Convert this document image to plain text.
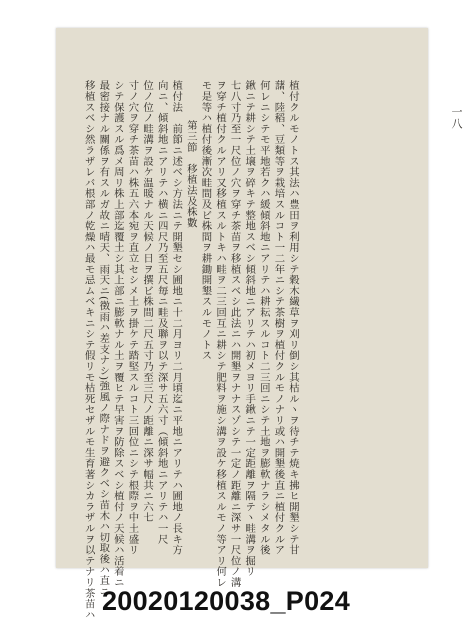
一八
植付クルモノトス其法ハ豊田ヲ利用シテ穀木繊草ヲ刈リ倒シ其枯ルヽヲ待チテ焼キ拂ヒ開墾シテ甘
藷、陸稻、豆類等ヲ栽培スルコト一二年ニシテ茶樹ヲ植付クルモノナリ或ハ開墾後直ニ植付クルア
何レニシテモ平地若クハ緩傾斜地ニアリテハ耕耘スルコト二三回ニシテ土地ヲ膨軟ナラシメタル後
鍬ニテ耕シテ土壌ヲ碎キテ整地スベシ傾斜地ニアリテハ初メヨリ手鍬ニテ一定距離ヲ隔テヽ畦溝ヲ掘リ
七八寸乃至一尺位ノ穴ヲ穿チ茶苗ヲ移植スベシ此法ニハ開墾ヲナナスゾシテ一定ノ距離ニ深サ一尺位ノ溝
ヲ穿チ植付クルアリ又移植スルトキハ畦ヲ二三回互ニ耕シテ肥料ヲ施シ溝ヲ設ケ移植スルモノ等アリ何レ
モ是等ハ植付後漸次畦間及ビ株間ヲ耕鋤開墾スルモノトス
第三節　移植法及株數
植付法　前節ニ述ベシ方法ニテ開墾セシ圃地ニ十二月ヨリ二月頃迄ニ平地ニアリテハ圃地ノ長キ方
向ニ、傾斜地ニアリテハ横ニ四尺乃至五尺毎ニ畦及聯ヲ以テ深サ五六寸（傾斜地ニアリテハ一尺
位ノ位ノ畦溝ヲ設ケ温暖ナル天候ノ日ヲ撰ビ株間二尺五寸乃至三尺ノ距離ニ深サ幅共ニ六七
寸ノ穴ヲ穿チ茶苗ハ株五六本宛ヲ直立セシメ土ヲ掛ケテ踏堅スルコト三回位ニシテ根際ヲ中土盛リ
シテ保護スル爲メ周リ株上部迄覆土シ其上部ニ膨軟ナル土ヲ覆ヒテ早害ヲ防除スベシ植付ノ天候ハ活着ニ
最密接ナル關係ヲ有スルガ故ニ晴天、雨天ニ(徴雨ハ差支ナシ)強風ノ際ナドヲ避クベシ苗木ハ切取後ハ直ニ
移植スベシ然ラザレバ根部ノ乾燥ハ最モ忌ムベキニシテ假リモ枯死セザルモ生育著シカラザルヲ以テナリ茶苗ハ 20020120038_P024
